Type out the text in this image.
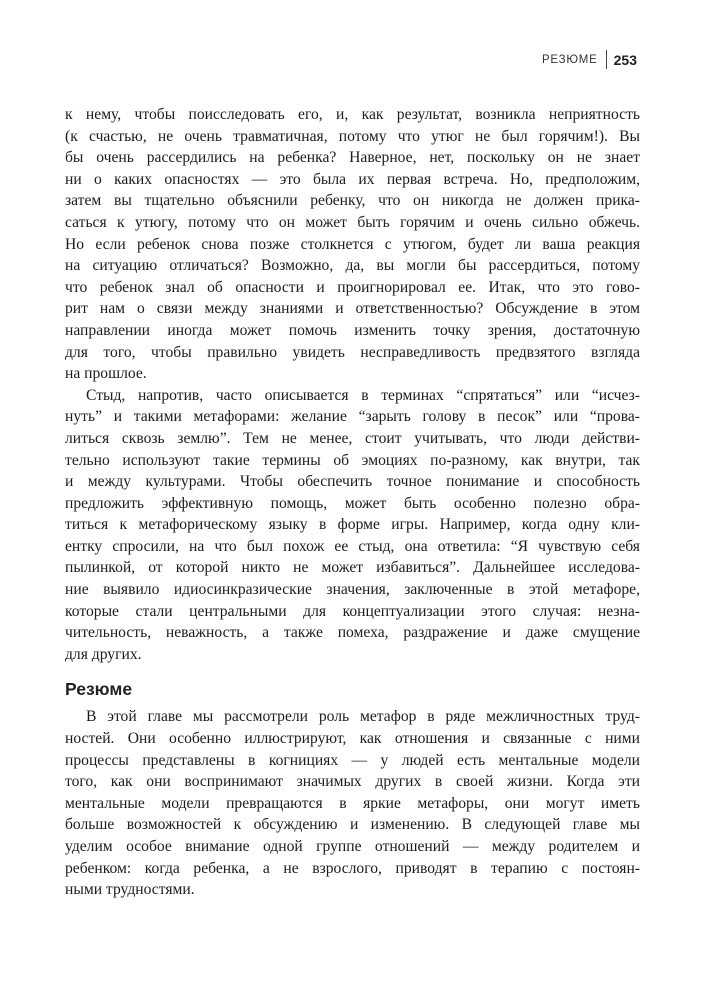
РЕЗЮМЕ 253

к нему, чтобы поисследовать его, и, как результат, возникла неприятность
(к счастью, не очень травматичная, потому что утюг не был горячим!). Вы
бы очень рассердились на ребенка? Наверное, нет, поскольку он не знает
ни о каких опасностях — это была их первая встреча. Но, предположим,
затем вы тщательно объяснили ребенку, что он никогда не должен прика-
саться к утюгу, потому что он может быть горячим и очень сильно обжечь.
Но если ребенок снова позже столкнется с утюгом, будет ли ваша реакция
на ситуацию отличаться? Возможно, да, вы могли бы рассердиться, потому
что ребенок знал об опасности и проигнорировал ее. Итак, что это гово-
рит нам о связи между знаниями и ответственностью? Обсуждение в этом
направлении иногда может помочь изменить точку зрения, достаточную
для того, чтобы правильно увидеть несправедливость предвзятого взгляда
на прошлое.

Стыд, напротив, часто описывается в терминах “спрятаться” или “исчез-
нуть” и такими метафорами: желание “зарыть голову в песок” или “прова-
литься сквозь землю”. Тем не менее, стоит учитывать, что люди действи-
тельно используют такие термины об эмоциях по-разному, как внутри, так
и между культурами. Чтобы обеспечить точное понимание и способность
предложить эффективную помощь, может быть особенно полезно обра-
титься к метафорическому языку в форме игры. Например, когда одну кли-
ентку спросили, на что был похож ее стыд, она ответила: “Я чувствую себя
пылинкой, от которой никто не может избавиться”. Дальнейшее исследова-
ние выявило идиосинкразические значения, заключенные в этой метафоре,
которые стали центральными для концептуализации этого случая: незна-
чительность, неважность, а также помеха, раздражение и даже смущение
для других.

Резюме

В этой главе мы рассмотрели роль метафор в ряде межличностных труд-
ностей. Они особенно иллюстрируют, как отношения и связанные с ними
процессы представлены в когнициях — у людей есть ментальные модели
того, как они воспринимают значимых других в своей жизни. Когда эти
ментальные модели превращаются в яркие метафоры, они могут иметь
больше возможностей к обсуждению и изменению. В следующей главе мы
уделим особое внимание одной группе отношений — между родителем и
ребенком: когда ребенка, а не взрослого, приводят в терапию с постоян-
ными трудностями.
